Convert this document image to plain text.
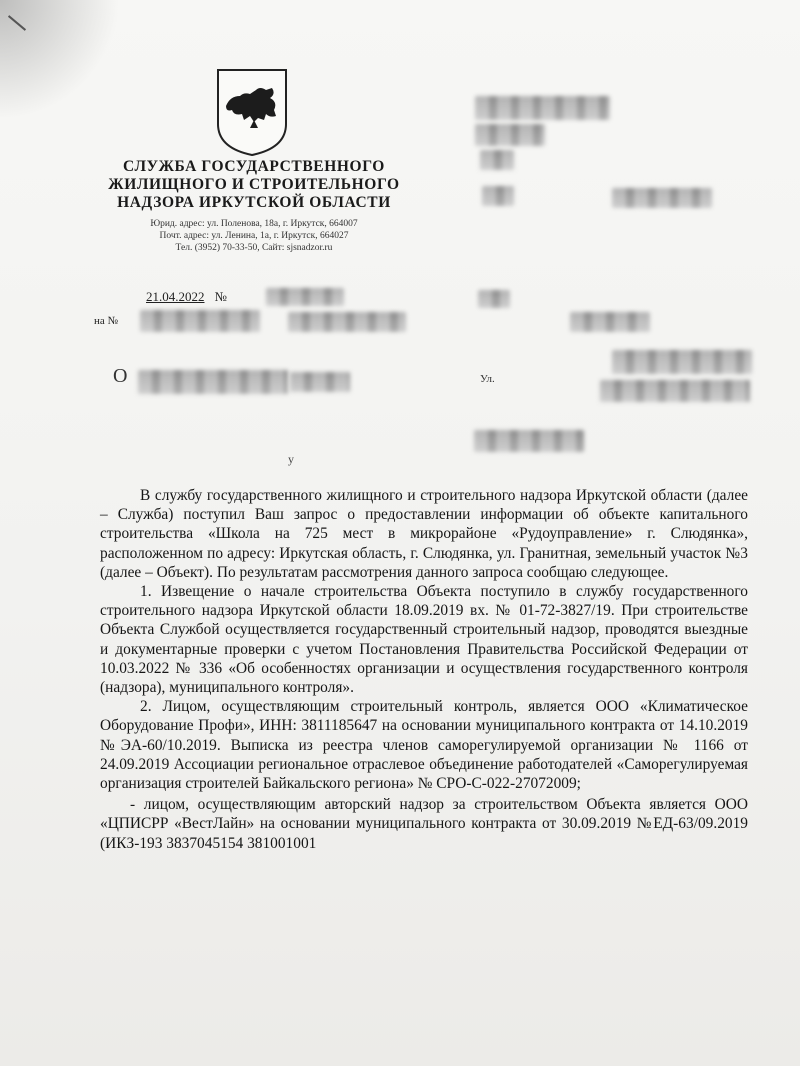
СЛУЖБА ГОСУДАРСТВЕННОГО
ЖИЛИЩНОГО И СТРОИТЕЛЬНОГО
НАДЗОРА ИРКУТСКОЙ ОБЛАСТИ
Юрид. адрес: ул. Поленова, 18а, г. Иркутск, 664007
Почт. адрес: ул. Ленина, 1а, г. Иркутск, 664027
Тел. (3952) 70-33-50, Сайт: sjsnadzor.ru
21.04.2022 №
на №
О	Ул.
у

В службу государственного жилищного и строительного надзора Иркутской области (далее – Служба) поступил Ваш запрос о предоставлении информации об объекте капитального строительства «Школа на 725 мест в микрорайоне «Рудоуправление» г. Слюдянка», расположенном по адресу: Иркутская область, г. Слюдянка, ул. Гранитная, земельный участок №3 (далее – Объект). По результатам рассмотрения данного запроса сообщаю следующее.

1. Извещение о начале строительства Объекта поступило в службу государственного строительного надзора Иркутской области 18.09.2019 вх. № 01-72-3827/19. При строительстве Объекта Службой осуществляется государственный строительный надзор, проводятся выездные и документарные проверки с учетом Постановления Правительства Российской Федерации от 10.03.2022 № 336 «Об особенностях организации и осуществления государственного контроля (надзора), муниципального контроля».

2. Лицом, осуществляющим строительный контроль, является ООО «Климатическое Оборудование Профи», ИНН: 3811185647 на основании муниципального контракта от 14.10.2019 №ЭА-60/10.2019. Выписка из реестра членов саморегулируемой организации № 1166 от 24.09.2019 Ассоциации региональное отраслевое объединение работодателей «Саморегулируемая организация строителей Байкальского региона» № СРО-С-022-27072009;

- лицом, осуществляющим авторский надзор за строительством Объекта является ООО «ЦПИСРР «ВестЛайн» на основании муниципального контракта от 30.09.2019 №ЕД-63/09.2019 (ИКЗ-193 3837045154 381001001
